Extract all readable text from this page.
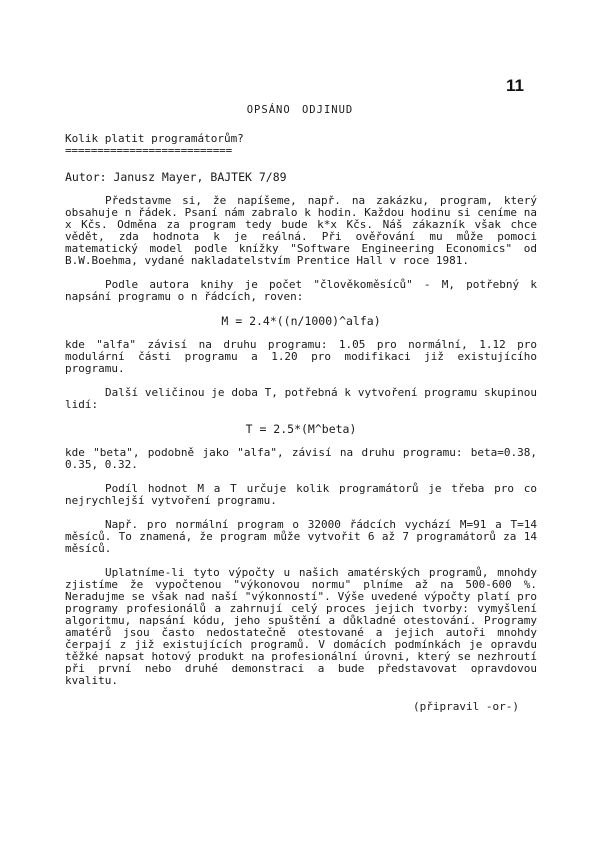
11
OPSÁNO ODJINUD

Kolik platit programátorům?

==========================

Autor: Janusz Mayer, BAJTEK 7/89

Představme si, že napíšeme, např. na zakázku, program, který obsahuje n řádek. Psaní nám zabralo k hodin. Každou hodinu si ceníme na x Kčs. Odměna za program tedy bude k*x Kčs. Náš zákazník však chce vědět, zda hodnota k je reálná. Při ověřování mu může pomoci matematický model podle knížky "Software Engineering Economics" od B.W.Boehma, vydané nakladatelstvím Prentice Hall v roce 1981.

Podle autora knihy je počet "člověkoměsíců" - M, potřebný k napsání programu o n řádcích, roven:

M = 2.4*((n/1000)^alfa)

kde "alfa" závisí na druhu programu: 1.05 pro normální, 1.12 pro modulární části programu a 1.20 pro modifikaci již existujícího programu.

Další veličinou je doba T, potřebná k vytvoření programu skupinou lidí:

T = 2.5*(M^beta)

kde "beta", podobně jako "alfa", závisí na druhu programu: beta=0.38, 0.35, 0.32.

Podíl hodnot M a T určuje kolik programátorů je třeba pro co nejrychlejší vytvoření programu.

Např. pro normální program o 32000 řádcích vychází M=91 a T=14 měsíců. To znamená, že program může vytvořit 6 až 7 programátorů za 14 měsíců.

Uplatníme-li tyto výpočty u našich amatérských programů, mnohdy zjistíme že vypočtenou "výkonovou normu" plníme až na 500-600 %. Neradujme se však nad naší "výkonností". Výše uvedené výpočty platí pro programy profesionálů a zahrnují celý proces jejich tvorby: vymyšlení algoritmu, napsání kódu, jeho spuštění a důkladné otestování. Programy amatérů jsou často nedostatečně otestované a jejich autoři mnohdy čerpají z již existujících programů. V domácích podmínkách je opravdu těžké napsat hotový produkt na profesionální úrovni, který se nezhroutí při první nebo druhé demonstraci a bude představovat opravdovou kvalitu.

(připravil -or-)
